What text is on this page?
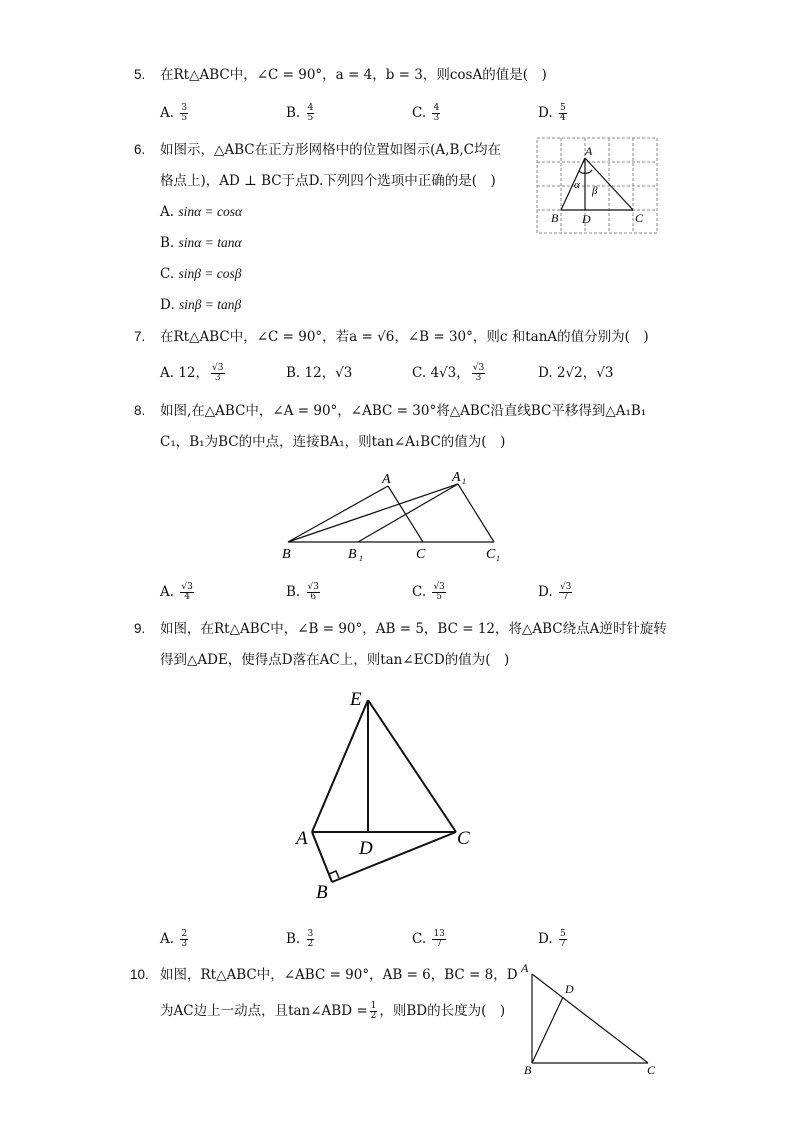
5. 在Rt△ABC中，∠C = 90°，a = 4，b = 3，则cosA的值是(　)
A. $\frac{3}{5}$	B. $\frac{4}{5}$	C. $\frac{4}{3}$	D. $\frac{5}{4}$
6. 如图示，△ABC在正方形网格中的位置如图示(A,B,C均在
格点上)，AD ⊥ BC于点D.下列四个选项中正确的是(　)
A. sinα = cosα
B. sinα = tanα
C. sinβ = cosβ
D. sinβ = tanβ
A
B D	C
α β
7. 在Rt△ABC中，∠C = 90°，若a = √6，∠B = 30°，则c 和tanA的值分别为(　)
A. 12， $\frac{√3}{3}$	B. 12，√3	C. 4√3， $\frac{√3}{3}$	D. 2√2，√3
8. 如图,在△ABC中，∠A = 90°，∠ABC = 30°将△ABC沿直线BC平移得到△A₁B₁
C₁，B₁为BC的中点，连接BA₁，则tan∠A₁BC的值为(　)
A	A 1
B	B 1	C	C 1
A. $\frac{√3}{4}$	B. $\frac{√3}{6}$	C. $\frac{√3}{5}$	D. $\frac{√3}{7}$
9. 如图，在Rt△ABC中，∠B = 90°，AB = 5，BC = 12，将△ABC绕点A逆时针旋转
得到△ADE，使得点D落在AC上，则tan∠ECD的值为(　)
E
A	D	C
B
A. $\frac{2}{3}$	B. $\frac{3}{2}$	C. $\frac{13}{7}$	D. $\frac{5}{7}$
10. 如图，Rt△ABC中，∠ABC = 90°，AB = 6，BC = 8，D
为AC边上一动点，且tan∠ABD = $\frac{1}{2}$ ，则BD的长度为(　)
A
D
B	C
